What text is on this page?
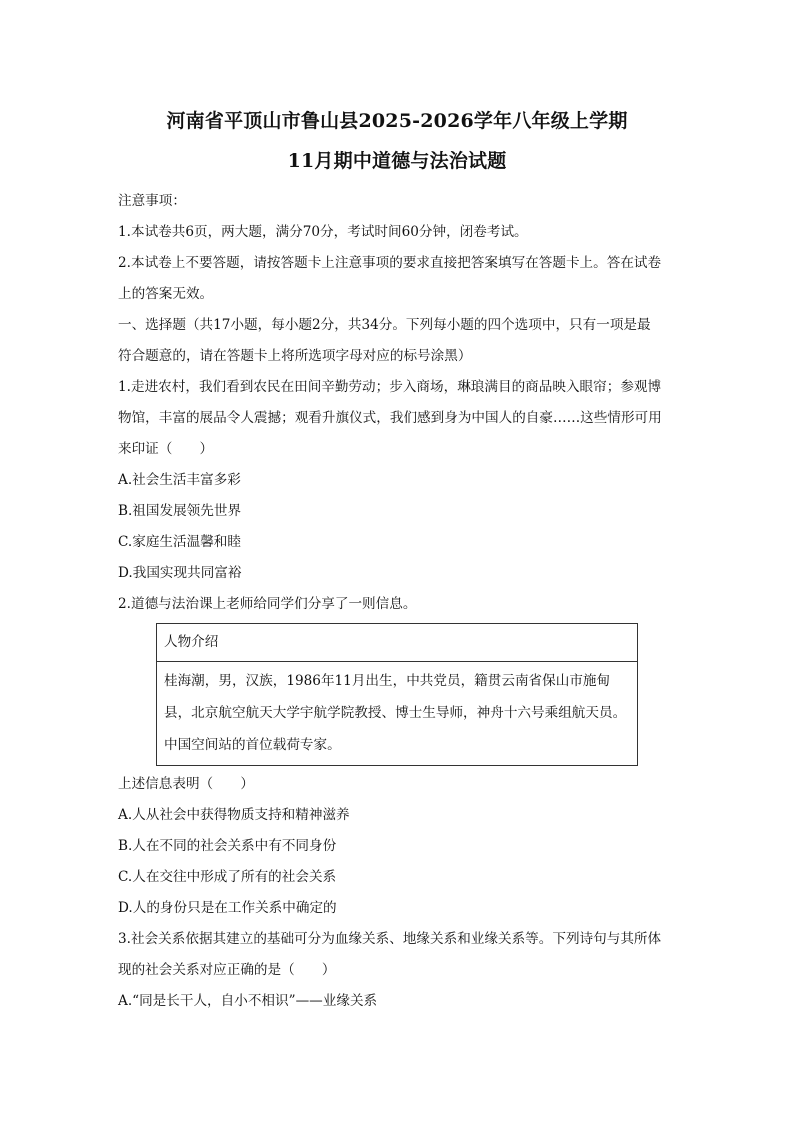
河南省平顶山市鲁山县2025-2026学年八年级上学期
11月期中道德与法治试题
注意事项：
1.本试卷共6页，两大题，满分70分，考试时间60分钟，闭卷考试。
2.本试卷上不要答题，请按答题卡上注意事项的要求直接把答案填写在答题卡上。答在试卷
上的答案无效。
一、选择题（共17小题，每小题2分，共34分。下列每小题的四个选项中，只有一项是最
符合题意的，请在答题卡上将所选项字母对应的标号涂黑）
1.走进农村，我们看到农民在田间辛勤劳动；步入商场，琳琅满目的商品映入眼帘；参观博
物馆，丰富的展品令人震撼；观看升旗仪式，我们感到身为中国人的自豪……这些情形可用
来印证（　　）
A.社会生活丰富多彩
B.祖国发展领先世界
C.家庭生活温馨和睦
D.我国实现共同富裕
2.道德与法治课上老师给同学们分享了一则信息。
人物介绍
桂海潮，男，汉族，1986年11月出生，中共党员，籍贯云南省保山市施甸
县，北京航空航天大学宇航学院教授、博士生导师，神舟十六号乘组航天员。
中国空间站的首位载荷专家。
上述信息表明（　　）
A.人从社会中获得物质支持和精神滋养
B.人在不同的社会关系中有不同身份
C.人在交往中形成了所有的社会关系
D.人的身份只是在工作关系中确定的
3.社会关系依据其建立的基础可分为血缘关系、地缘关系和业缘关系等。下列诗句与其所体
现的社会关系对应正确的是（　　）
A.“同是长干人，自小不相识”——业缘关系
